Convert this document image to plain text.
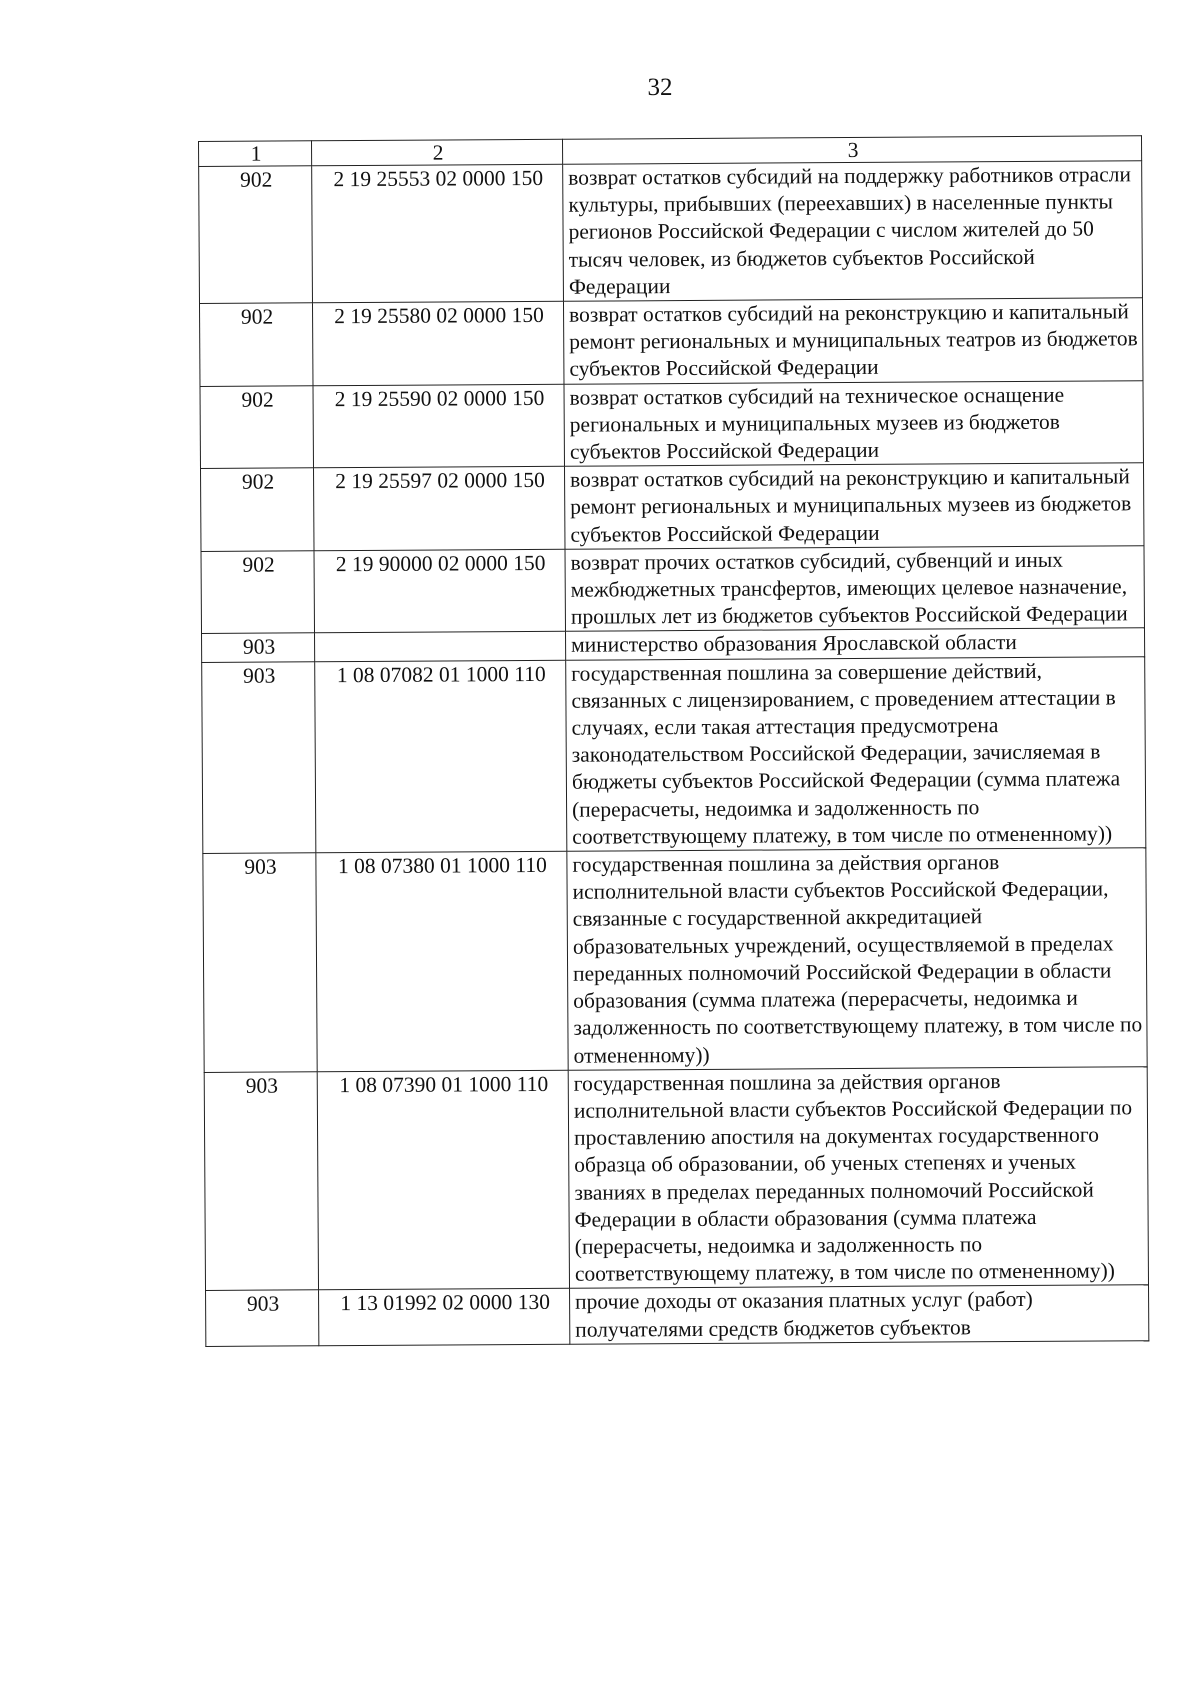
32
1	2	3
902	2 19 25553 02 0000 150	возврат остатков субсидий на поддержку работников отрасли культуры, прибывших (переехавших) в населенные пункты регионов Российской Федерации с числом жителей до 50 тысяч человек, из бюджетов субъектов Российской Федерации
902	2 19 25580 02 0000 150	возврат остатков субсидий на реконструкцию и капитальный ремонт региональных и муниципальных театров из бюджетов субъектов Российской Федерации
902	2 19 25590 02 0000 150	возврат остатков субсидий на техническое оснащение региональных и муниципальных музеев из бюджетов субъектов Российской Федерации
902	2 19 25597 02 0000 150	возврат остатков субсидий на реконструкцию и капитальный ремонт региональных и муниципальных музеев из бюджетов субъектов Российской Федерации
902	2 19 90000 02 0000 150	возврат прочих остатков субсидий, субвенций и иных межбюджетных трансфертов, имеющих целевое назначение, прошлых лет из бюджетов субъектов Российской Федерации
903		министерство образования Ярославской области
903	1 08 07082 01 1000 110	государственная пошлина за совершение действий, связанных с лицензированием, с проведением аттестации в случаях, если такая аттестация предусмотрена законодательством Российской Федерации, зачисляемая в бюджеты субъектов Российской Федерации (сумма платежа (перерасчеты, недоимка и задолженность по соответствующему платежу, в том числе по отмененному))
903	1 08 07380 01 1000 110	государственная пошлина за действия органов исполнительной власти субъектов Российской Федерации, связанные с государственной аккредитацией образовательных учреждений, осуществляемой в пределах переданных полномочий Российской Федерации в области образования (сумма платежа (перерасчеты, недоимка и задолженность по соответствующему платежу, в том числе по отмененному))
903	1 08 07390 01 1000 110	государственная пошлина за действия органов исполнительной власти субъектов Российской Федерации по проставлению апостиля на документах государственного образца об образовании, об ученых степенях и ученых званиях в пределах переданных полномочий Российской Федерации в области образования (сумма платежа (перерасчеты, недоимка и задолженность по соответствующему платежу, в том числе по отмененному))
903	1 13 01992 02 0000 130	прочие доходы от оказания платных услуг (работ) получателями средств бюджетов субъектов
